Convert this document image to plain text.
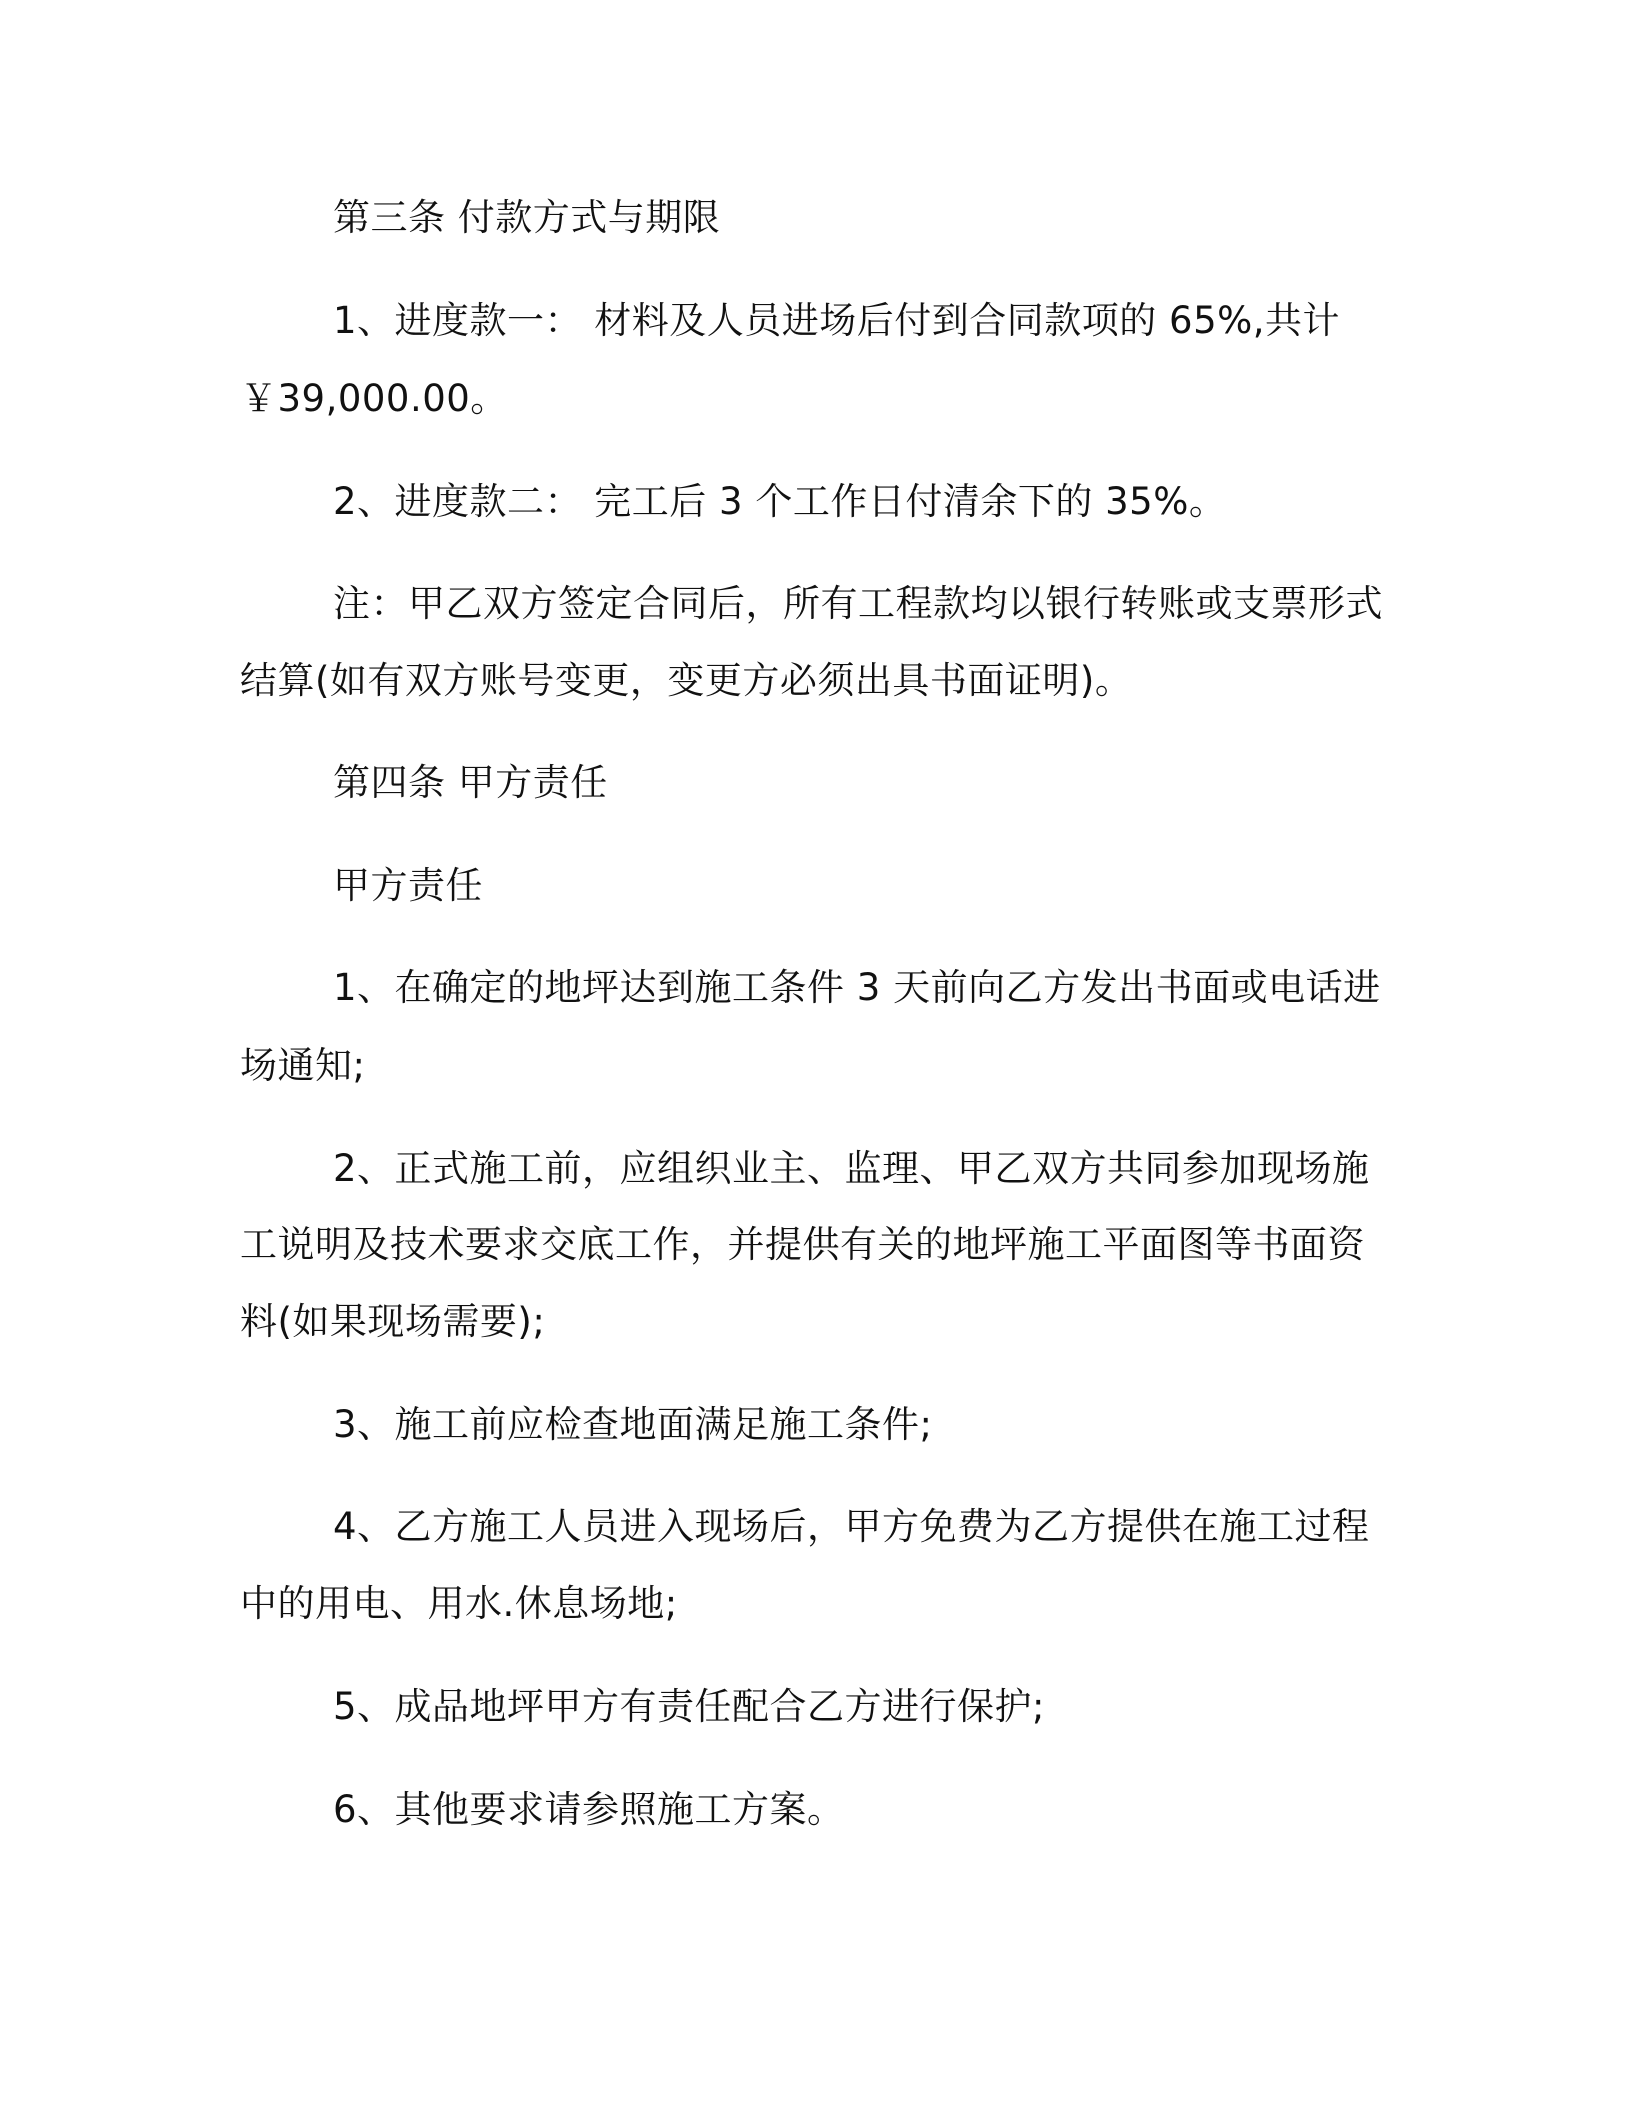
第三条 付款方式与期限
1、进度款一： 材料及人员进场后付到合同款项的 65%,共计
￥39,000.00。
2、进度款二： 完工后 3 个工作日付清余下的 35%。
注：甲乙双方签定合同后，所有工程款均以银行转账或支票形式
结算(如有双方账号变更，变更方必须出具书面证明)。
第四条 甲方责任
甲方责任
1、在确定的地坪达到施工条件 3 天前向乙方发出书面或电话进
场通知;
2、正式施工前，应组织业主、监理、甲乙双方共同参加现场施
工说明及技术要求交底工作，并提供有关的地坪施工平面图等书面资
料(如果现场需要);
3、施工前应检查地面满足施工条件;
4、乙方施工人员进入现场后，甲方免费为乙方提供在施工过程
中的用电、用水.休息场地;
5、成品地坪甲方有责任配合乙方进行保护;
6、其他要求请参照施工方案。
